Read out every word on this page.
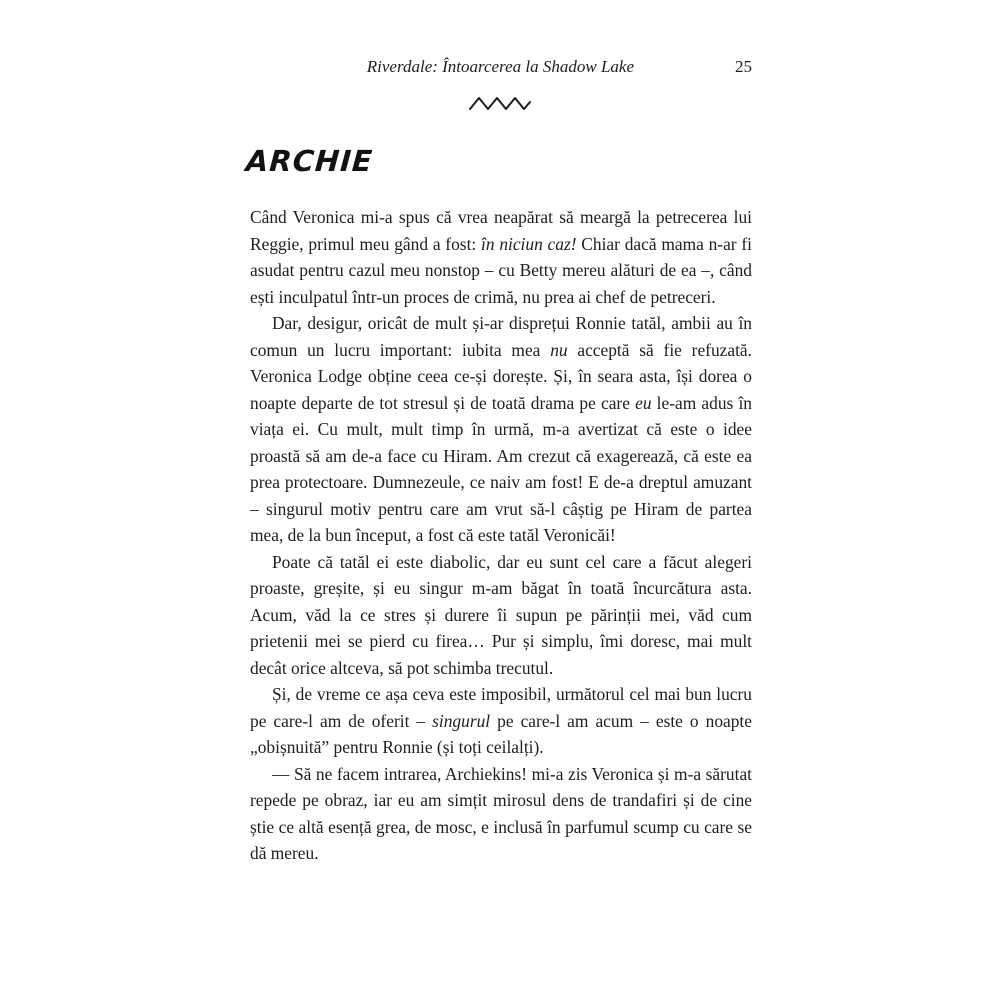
Riverdale: Întoarcerea la Shadow Lake	25
ARCHIE

Când Veronica mi-a spus că vrea neapărat să meargă la petrecerea lui Reggie, primul meu gând a fost: în niciun caz! Chiar dacă mama n-ar fi asudat pentru cazul meu nonstop – cu Betty mereu alături de ea –, când ești inculpatul într-un proces de crimă, nu prea ai chef de petreceri.

Dar, desigur, oricât de mult și-ar disprețui Ronnie tatăl, ambii au în comun un lucru important: iubita mea nu acceptă să fie refuzată. Veronica Lodge obține ceea ce-și dorește. Și, în seara asta, își dorea o noapte departe de tot stresul și de toată drama pe care eu le-am adus în viața ei. Cu mult, mult timp în urmă, m-a avertizat că este o idee proastă să am de-a face cu Hiram. Am crezut că exagerează, că este ea prea protectoare. Dumnezeule, ce naiv am fost! E de-a dreptul amuzant – singurul motiv pentru care am vrut să-l câștig pe Hiram de partea mea, de la bun început, a fost că este tatăl Veronicăi!

Poate că tatăl ei este diabolic, dar eu sunt cel care a făcut alegeri proaste, greșite, și eu singur m-am băgat în toată încurcătura asta. Acum, văd la ce stres și durere îi supun pe părinții mei, văd cum prietenii mei se pierd cu firea… Pur și simplu, îmi doresc, mai mult decât orice altceva, să pot schimba trecutul.

Și, de vreme ce așa ceva este imposibil, următorul cel mai bun lucru pe care-l am de oferit – singurul pe care-l am acum – este o noapte „obișnuită” pentru Ronnie (și toți ceilalți).

— Să ne facem intrarea, Archiekins! mi-a zis Veronica și m-a sărutat repede pe obraz, iar eu am simțit mirosul dens de trandafiri și de cine știe ce altă esență grea, de mosc, e inclusă în parfumul scump cu care se dă mereu.
